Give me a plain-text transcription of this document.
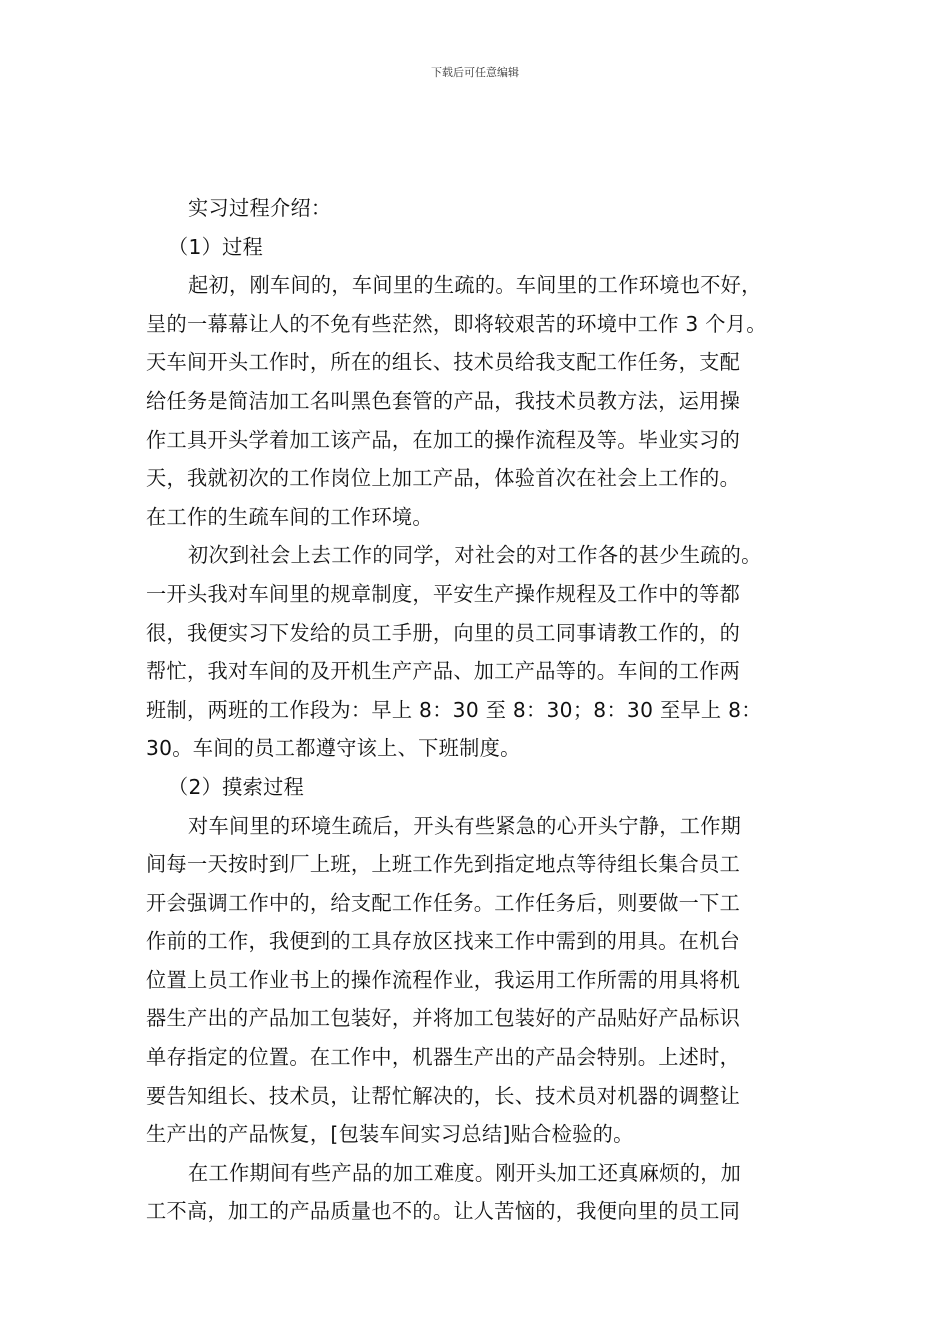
下载后可任意编辑

实习过程介绍：

（1）过程

起初，刚车间的，车间里的生疏的。车间里的工作环境也不好，

呈的一幕幕让人的不免有些茫然，即将较艰苦的环境中工作 3 个月。

天车间开头工作时，所在的组长、技术员给我支配工作任务，支配

给任务是简洁加工名叫黑色套管的产品，我技术员教方法，运用操

作工具开头学着加工该产品，在加工的操作流程及等。毕业实习的

天，我就初次的工作岗位上加工产品，体验首次在社会上工作的。

在工作的生疏车间的工作环境。

初次到社会上去工作的同学，对社会的对工作各的甚少生疏的。

一开头我对车间里的规章制度，平安生产操作规程及工作中的等都

很，我便实习下发给的员工手册，向里的员工同事请教工作的，的

帮忙，我对车间的及开机生产产品、加工产品等的。车间的工作两

班制，两班的工作段为：早上 8：30 至 8：30；8：30 至早上 8：

30。车间的员工都遵守该上、下班制度。

（2）摸索过程

对车间里的环境生疏后，开头有些紧急的心开头宁静，工作期

间每一天按时到厂上班，上班工作先到指定地点等待组长集合员工

开会强调工作中的，给支配工作任务。工作任务后，则要做一下工

作前的工作，我便到的工具存放区找来工作中需到的用具。在机台

位置上员工作业书上的操作流程作业，我运用工作所需的用具将机

器生产出的产品加工包装好，并将加工包装好的产品贴好产品标识

单存指定的位置。在工作中，机器生产出的产品会特别。上述时，

要告知组长、技术员，让帮忙解决的，长、技术员对机器的调整让

生产出的产品恢复，[包装车间实习总结]贴合检验的。

在工作期间有些产品的加工难度。刚开头加工还真麻烦的，加

工不高，加工的产品质量也不的。让人苦恼的，我便向里的员工同
